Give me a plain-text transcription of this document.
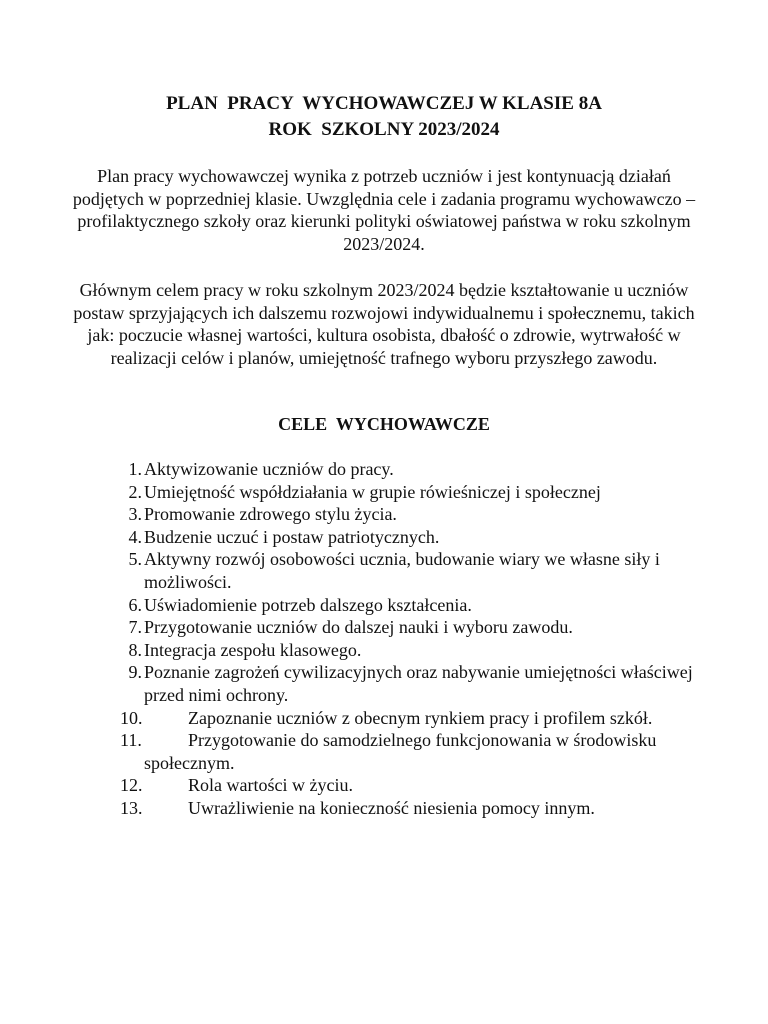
PLAN  PRACY  WYCHOWAWCZEJ W KLASIE 8A
ROK  SZKOLNY 2023/2024
Plan pracy wychowawczej wynika z potrzeb uczniów i jest kontynuacją działań podjętych w poprzedniej klasie. Uwzględnia cele i zadania programu wychowawczo – profilaktycznego szkoły oraz kierunki polityki oświatowej państwa w roku szkolnym 2023/2024.
Głównym celem pracy w roku szkolnym 2023/2024 będzie kształtowanie u uczniów postaw sprzyjających ich dalszemu rozwojowi indywidualnemu i społecznemu, takich jak: poczucie własnej wartości, kultura osobista, dbałość o zdrowie, wytrwałość w realizacji celów i planów, umiejętność trafnego wyboru przyszłego zawodu.
CELE  WYCHOWAWCZE
1. Aktywizowanie uczniów do pracy.
2. Umiejętność współdziałania w grupie rówieśniczej i społecznej
3. Promowanie zdrowego stylu życia.
4. Budzenie uczuć i postaw patriotycznych.
5. Aktywny rozwój osobowości ucznia, budowanie wiary we własne siły i możliwości.
6. Uświadomienie potrzeb dalszego kształcenia.
7. Przygotowanie uczniów do dalszej nauki i wyboru zawodu.
8. Integracja zespołu klasowego.
9. Poznanie zagrożeń cywilizacyjnych oraz nabywanie umiejętności właściwej przed nimi ochrony.
10.	Zapoznanie uczniów z obecnym rynkiem pracy i profilem szkół.
11.	Przygotowanie do samodzielnego funkcjonowania w środowisku społecznym.
12.	Rola wartości w życiu.
13.	Uwrażliwienie na konieczność niesienia pomocy innym.
